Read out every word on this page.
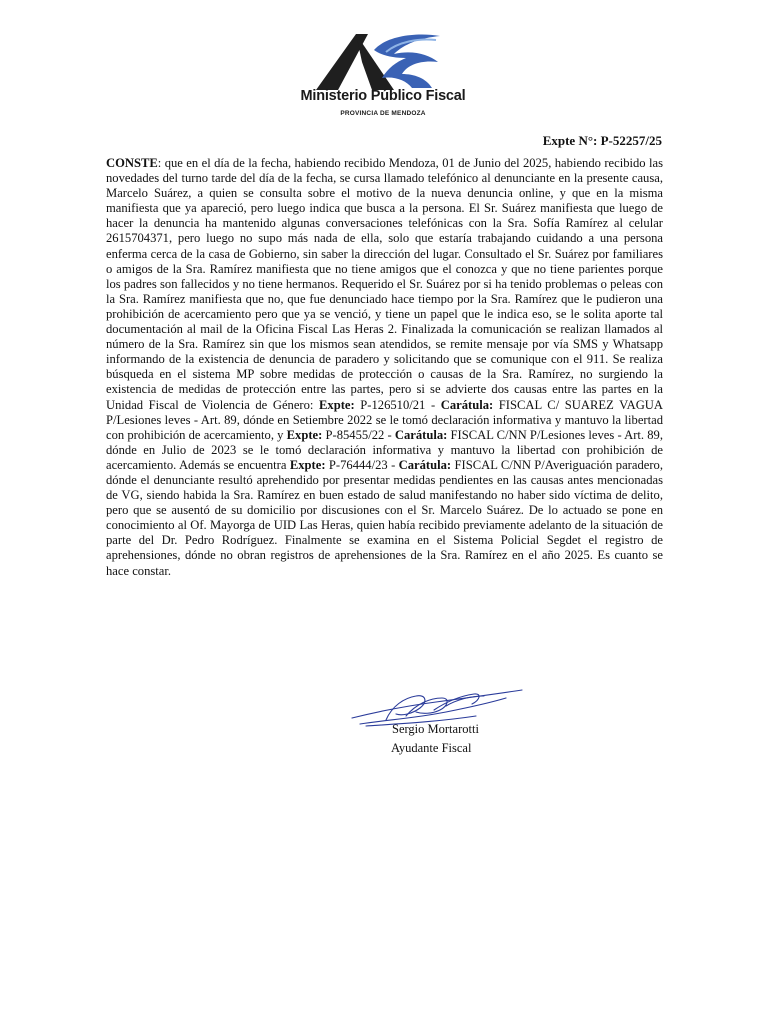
Ministerio Público Fiscal
PROVINCIA DE MENDOZA
Expte N°: P-52257/25
CONSTE: que en el día de la fecha, habiendo recibido Mendoza, 01 de Junio del 2025, habiendo recibido las novedades del turno tarde del día de la fecha, se cursa llamado telefónico al denunciante en la presente causa, Marcelo Suárez, a quien se consulta sobre el motivo de la nueva denuncia online, y que en la misma manifiesta que ya apareció, pero luego indica que busca a la persona. El Sr. Suárez manifiesta que luego de hacer la denuncia ha mantenido algunas conversaciones telefónicas con la Sra. Sofía Ramírez al celular 2615704371, pero luego no supo más nada de ella, solo que estaría trabajando cuidando a una persona enferma cerca de la casa de Gobierno, sin saber la dirección del lugar. Consultado el Sr. Suárez por familiares o amigos de la Sra. Ramírez manifiesta que no tiene amigos que el conozca y que no tiene parientes porque los padres son fallecidos y no tiene hermanos. Requerido el Sr. Suárez por si ha tenido problemas o peleas con la Sra. Ramírez manifiesta que no, que fue denunciado hace tiempo por la Sra. Ramírez que le pudieron una prohibición de acercamiento pero que ya se venció, y tiene un papel que le indica eso, se le solita aporte tal documentación al mail de la Oficina Fiscal Las Heras 2. Finalizada la comunicación se realizan llamados al número de la Sra. Ramírez sin que los mismos sean atendidos, se remite mensaje por vía SMS y Whatsapp informando de la existencia de denuncia de paradero y solicitando que se comunique con el 911. Se realiza búsqueda en el sistema MP sobre medidas de protección o causas de la Sra. Ramírez, no surgiendo la existencia de medidas de protección entre las partes, pero si se advierte dos causas entre las partes en la Unidad Fiscal de Violencia de Género: Expte: P-126510/21 - Carátula: FISCAL C/ SUAREZ VAGUA P/Lesiones leves - Art. 89, dónde en Setiembre 2022 se le tomó declaración informativa y mantuvo la libertad con prohibición de acercamiento, y Expte: P-85455/22 - Carátula: FISCAL C/NN P/Lesiones leves - Art. 89, dónde en Julio de 2023 se le tomó declaración informativa y mantuvo la libertad con prohibición de acercamiento. Además se encuentra Expte: P-76444/23 - Carátula: FISCAL C/NN P/Averiguación paradero, dónde el denunciante resultó aprehendido por presentar medidas pendientes en las causas antes mencionadas de VG, siendo habida la Sra. Ramírez en buen estado de salud manifestando no haber sido víctima de delito, pero que se ausentó de su domicilio por discusiones con el Sr. Marcelo Suárez. De lo actuado se pone en conocimiento al Of. Mayorga de UID Las Heras, quien había recibido previamente adelanto de la situación de parte del Dr. Pedro Rodríguez. Finalmente se examina en el Sistema Policial Segdet el registro de aprehensiones, dónde no obran registros de aprehensiones de la Sra. Ramírez en el año 2025. Es cuanto se hace constar.
Sergio Mortarotti
Ayudante Fiscal
